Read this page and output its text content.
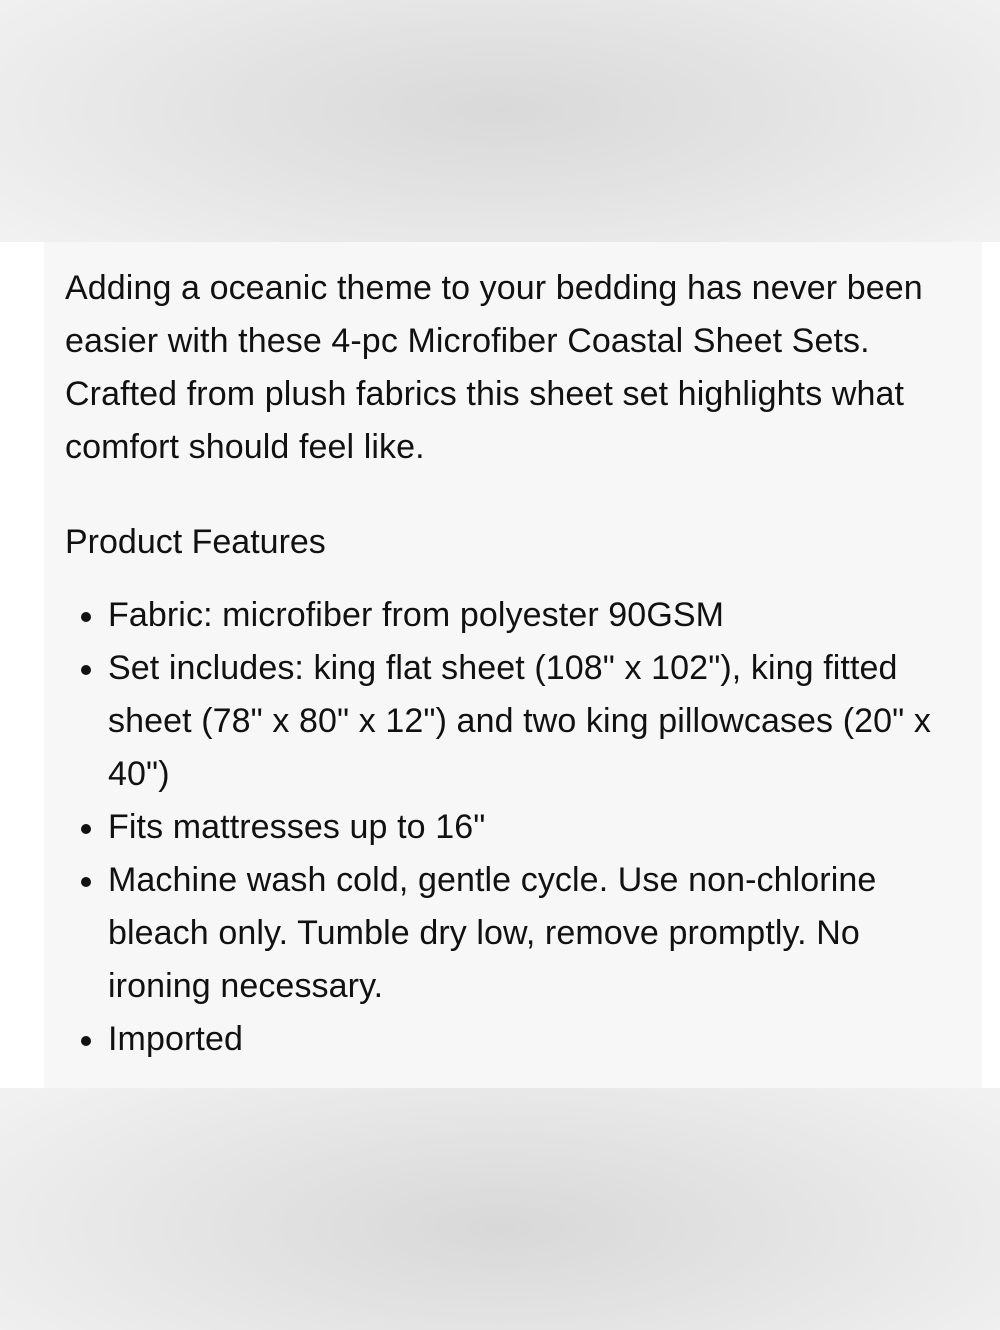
Adding a oceanic theme to your bedding has never been easier with these 4-pc Microfiber Coastal Sheet Sets. Crafted from plush fabrics this sheet set highlights what comfort should feel like.

Product Features
Fabric: microfiber from polyester 90GSM
Set includes: king flat sheet (108" x 102"), king fitted sheet (78" x 80" x 12") and two king pillowcases (20" x 40")
Fits mattresses up to 16"
Machine wash cold, gentle cycle. Use non-chlorine bleach only. Tumble dry low, remove promptly. No ironing necessary.
Imported
